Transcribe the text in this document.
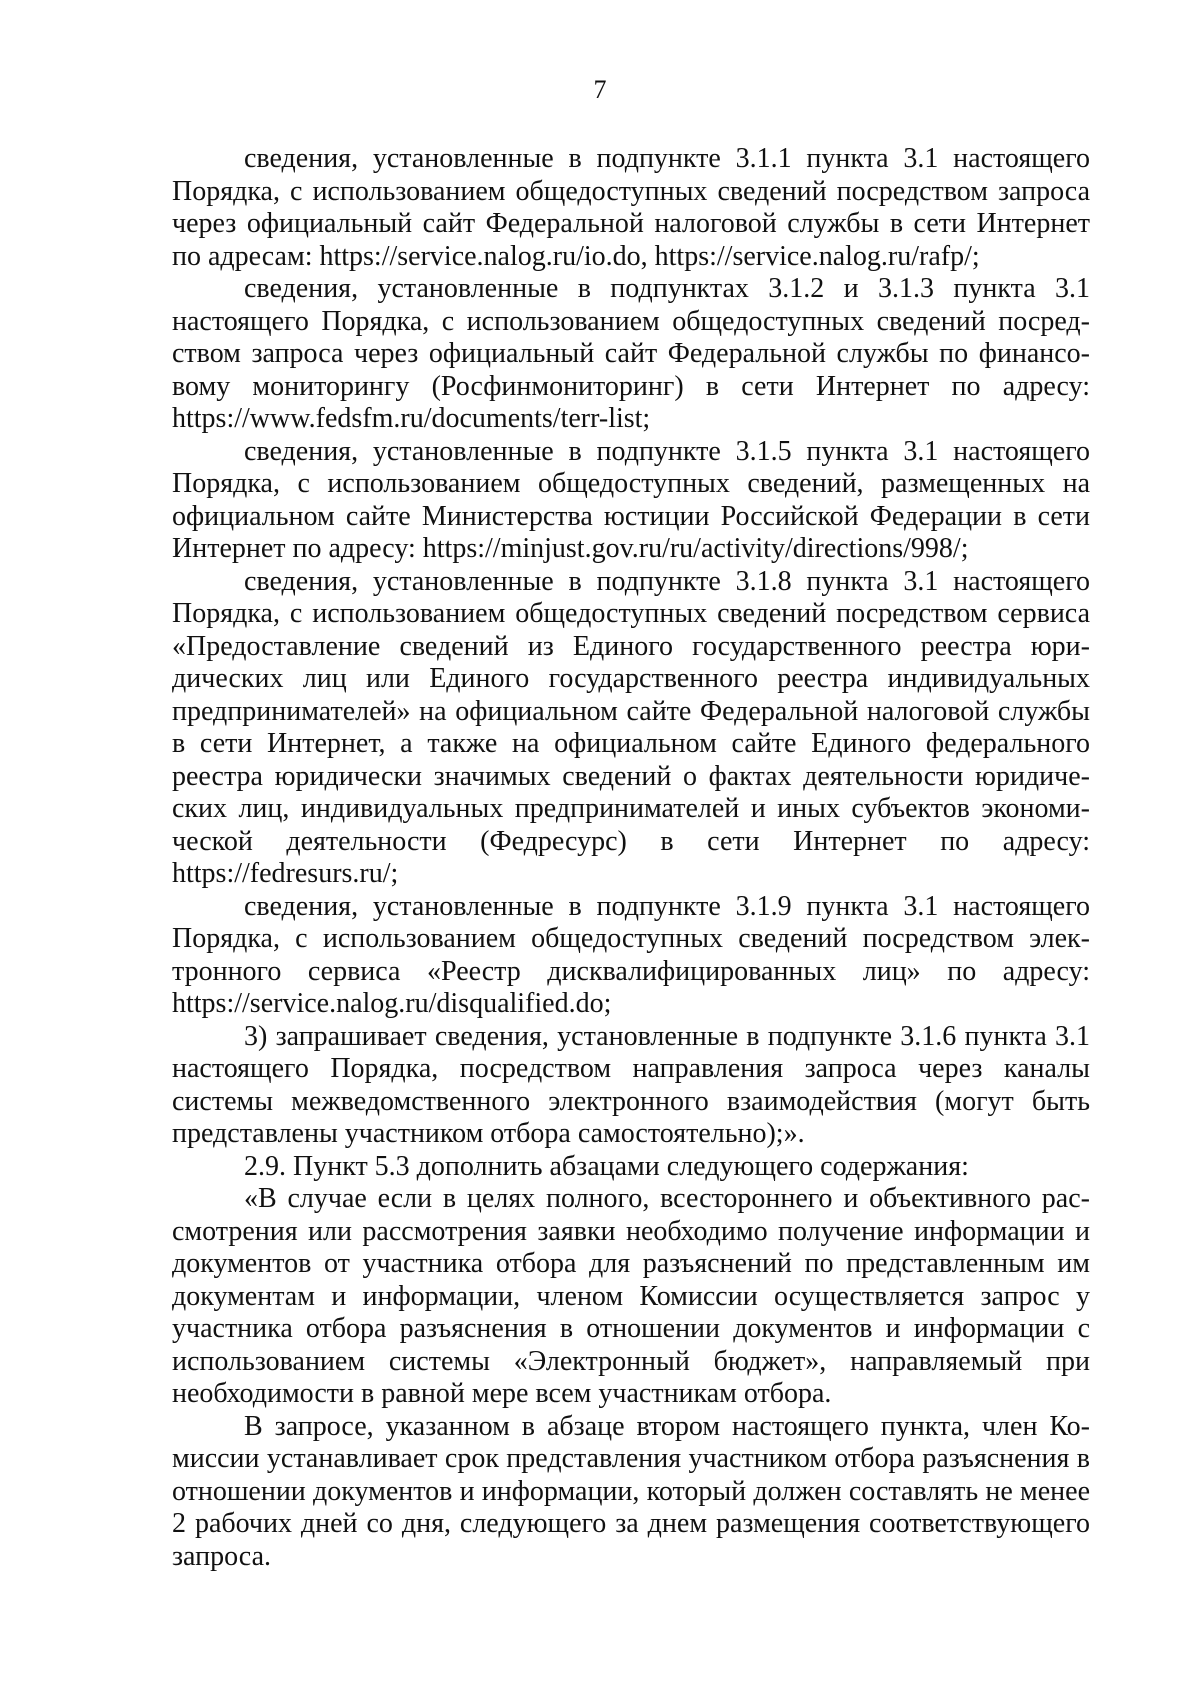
7

сведения, установленные в подпункте 3.1.1 пункта 3.1 настоящего Порядка, с использованием общедоступных сведений посредством запроса через официальный сайт Федеральной налоговой службы в сети Интернет по адресам: https://service.nalog.ru/io.do, https://service.nalog.ru/rafp/;

сведения, установленные в подпунктах 3.1.2 и 3.1.3 пункта 3.1 настоящего Порядка, с использованием общедоступных сведений посредством запроса через официальный сайт Федеральной службы по финансовому мониторингу (Росфинмониторинг) в сети Интернет по адресу: https://www.fedsfm.ru/documents/terr-list;

сведения, установленные в подпункте 3.1.5 пункта 3.1 настоящего Порядка, с использованием общедоступных сведений, размещенных на официальном сайте Министерства юстиции Российской Федерации в сети Интернет по адресу: https://minjust.gov.ru/ru/activity/directions/998/;

сведения, установленные в подпункте 3.1.8 пункта 3.1 настоящего Порядка, с использованием общедоступных сведений посредством сервиса «Предоставление сведений из Единого государственного реестра юридических лиц или Единого государственного реестра индивидуальных предпринимателей» на официальном сайте Федеральной налоговой службы в сети Интернет, а также на официальном сайте Единого федерального реестра юридически значимых сведений о фактах деятельности юридических лиц, индивидуальных предпринимателей и иных субъектов экономической деятельности (Федресурс) в сети Интернет по адресу: https://fedresurs.ru/;

сведения, установленные в подпункте 3.1.9 пункта 3.1 настоящего Порядка, с использованием общедоступных сведений посредством электронного сервиса «Реестр дисквалифицированных лиц» по адресу: https://service.nalog.ru/disqualified.do;

3) запрашивает сведения, установленные в подпункте 3.1.6 пункта 3.1 настоящего Порядка, посредством направления запроса через каналы системы межведомственного электронного взаимодействия (могут быть представлены участником отбора самостоятельно);».

2.9. Пункт 5.3 дополнить абзацами следующего содержания:

«В случае если в целях полного, всестороннего и объективного рассмотрения или рассмотрения заявки необходимо получение информации и документов от участника отбора для разъяснений по представленным им документам и информации, членом Комиссии осуществляется запрос у участника отбора разъяснения в отношении документов и информации с использованием системы «Электронный бюджет», направляемый при необходимости в равной мере всем участникам отбора.

В запросе, указанном в абзаце втором настоящего пункта, член Комиссии устанавливает срок представления участником отбора разъяснения в отношении документов и информации, который должен составлять не менее 2 рабочих дней со дня, следующего за днем размещения соответствующего запроса.
